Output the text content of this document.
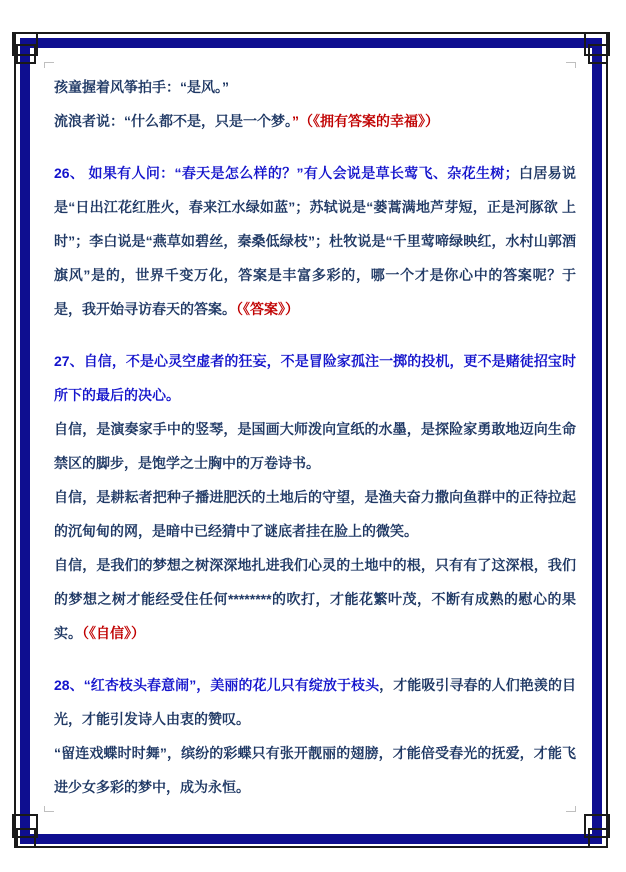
孩童握着风筝拍手：“是风。”

流浪者说：“什么都不是，只是一个梦。”（《拥有答案的幸福》）

26、 如果有人问：“春天是怎么样的？”有人会说是草长莺飞、杂花生树；白居易说是“日出江花红胜火，春来江水绿如蓝”；苏轼说是“蒌蒿满地芦芽短，正是河豚欲 上时”；李白说是“燕草如碧丝，秦桑低绿枝”；杜牧说是“千里莺啼绿映红，水村山郭酒旗风”是的，世界千变万化，答案是丰富多彩的，哪一个才是你心中的答案呢？于是，我开始寻访春天的答案。（《答案》）

27、自信，不是心灵空虚者的狂妄，不是冒险家孤注一掷的投机，更不是赌徒招宝时所下的最后的决心。

自信，是演奏家手中的竖琴，是国画大师泼向宣纸的水墨，是探险家勇敢地迈向生命禁区的脚步，是饱学之士胸中的万卷诗书。

自信，是耕耘者把种子播进肥沃的土地后的守望，是渔夫奋力撒向鱼群中的正待拉起的沉甸甸的网，是暗中已经猜中了谜底者挂在脸上的微笑。

自信，是我们的梦想之树深深地扎进我们心灵的土地中的根，只有有了这深根，我们的梦想之树才能经受住任何********的吹打，才能花繁叶茂，不断有成熟的慰心的果实。（《自信》）

28、“红杏枝头春意闹”，美丽的花儿只有绽放于枝头，才能吸引寻春的人们艳羡的目光，才能引发诗人由衷的赞叹。

“留连戏蝶时时舞”，缤纷的彩蝶只有张开靓丽的翅膀，才能倍受春光的抚爱，才能飞进少女多彩的梦中，成为永恒。
